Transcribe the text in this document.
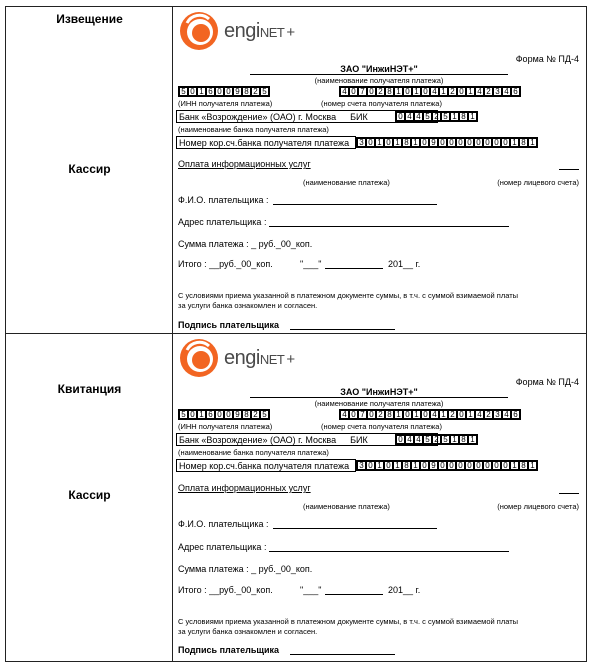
Извещение
Кассир
engiNET +
Форма № ПД-4
ЗАО "ИнжиНЭТ+"
(наименование получателя платежа)
5 0 1 6 0 0 9 8 2 5	4 0 7 0 2 8 1 0 1 0 4 1 2 0 1 4 2 3 4 6
(ИНН получателя платежа)	(номер счета получателя платежа)
Банк «Возрождение» (ОАО) г. Москва БИК	0 4 4 5 2 5 1 8 1
(наименование банка получателя платежа)
Номер кор.сч.банка получателя платежа 3 0 1 0 1 8 1 0 9 0 0 0 0 0 0 0 0 1 8 1
Оплата информационных услуг
(наименование платежа)	(номер лицевого счета)
Ф.И.О. плательщика :
Адрес плательщика :
Сумма платежа : _ руб._00_коп.
Итого : __руб._00_коп.	"___"	201__ г.
С условиями приема указанной в платежном документе суммы, в т.ч. с суммой взимаемой платы
за услуги банка ознакомлен и согласен.
Подпись плательщика
Квитанция
Кассир
engiNET +
Форма № ПД-4
ЗАО "ИнжиНЭТ+"
(наименование получателя платежа)
5 0 1 6 0 0 9 8 2 5	4 0 7 0 2 8 1 0 1 0 4 1 2 0 1 4 2 3 4 6
(ИНН получателя платежа)	(номер счета получателя платежа)
Банк «Возрождение» (ОАО) г. Москва БИК	0 4 4 5 2 5 1 8 1
(наименование банка получателя платежа)
Номер кор.сч.банка получателя платежа 3 0 1 0 1 8 1 0 9 0 0 0 0 0 0 0 0 1 8 1
Оплата информационных услуг
(наименование платежа)	(номер лицевого счета)
Ф.И.О. плательщика :
Адрес плательщика :
Сумма платежа : _ руб._00_коп.
Итого : __руб._00_коп.	"___"	201__ г.
С условиями приема указанной в платежном документе суммы, в т.ч. с суммой взимаемой платы
за услуги банка ознакомлен и согласен.
Подпись плательщика
